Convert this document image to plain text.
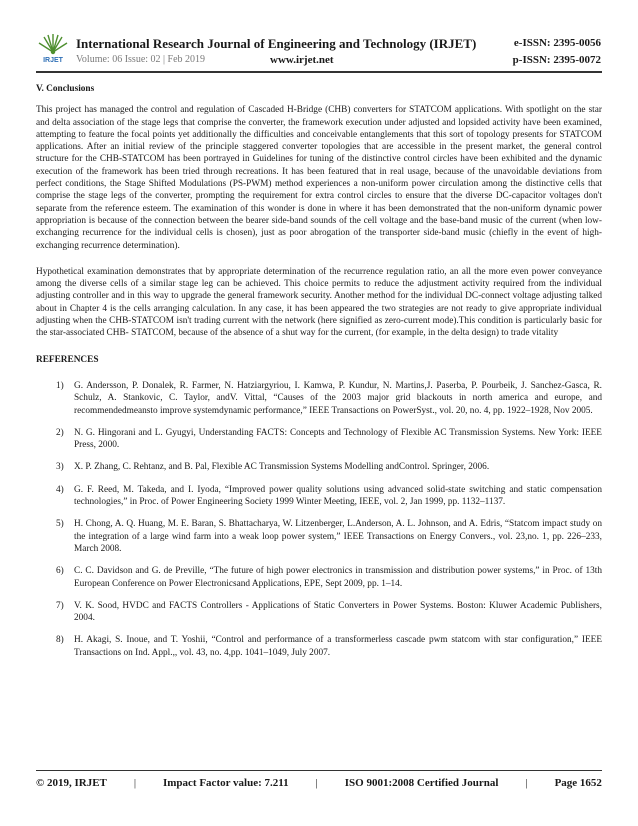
IRJET
International Research Journal of Engineering and Technology (IRJET)	e-ISSN: 2395-0056
Volume: 06 Issue: 02 | Feb 2019	www.irjet.net	p-ISSN: 2395-0072
V. Conclusions

This project has managed the control and regulation of Cascaded H-Bridge (CHB) converters for STATCOM applications. With spotlight on the star and delta association of the stage legs that comprise the converter, the framework execution under adjusted and lopsided activity have been examined, attempting to feature the focal points yet additionally the difficulties and conceivable entanglements that this sort of topology presents for STATCOM applications. After an initial review of the principle staggered converter topologies that are accessible in the present market, the general control structure for the CHB-STATCOM has been portrayed in Guidelines for tuning of the distinctive control circles have been exhibited and the dynamic execution of the framework has been tried through recreations. It has been featured that in real usage, because of the unavoidable deviations from perfect conditions, the Stage Shifted Modulations (PS-PWM) method experiences a non-uniform power circulation among the distinctive cells that comprise the stage legs of the converter, prompting the requirement for extra control circles to ensure that the diverse DC-capacitor voltages don't separate from the reference esteem. The examination of this wonder is done in where it has been demonstrated that the non-uniform dynamic power appropriation is because of the connection between the bearer side-band sounds of the cell voltage and the base-band music of the current (when low-exchanging recurrence for the individual cells is chosen), just as poor abrogation of the transporter side-band music (chiefly in the event of high- exchanging recurrence determination).

Hypothetical examination demonstrates that by appropriate determination of the recurrence regulation ratio, an all the more even power conveyance among the diverse cells of a similar stage leg can be achieved. This choice permits to reduce the adjustment activity required from the individual adjusting controller and in this way to upgrade the general framework security. Another method for the individual DC-connect voltage adjusting talked about in Chapter 4 is the cells arranging calculation. In any case, it has been appeared the two strategies are not ready to give appropriate individual adjusting when the CHB-STATCOM isn't trading current with the network (here signified as zero-current mode).This condition is particularly basic for the star-associated CHB- STATCOM, because of the absence of a shut way for the current, (for example, in the delta design) to trade vitality

REFERENCES
1) G. Andersson, P. Donalek, R. Farmer, N. Hatziargyriou, I. Kamwa, P. Kundur, N. Martins,J. Paserba, P. Pourbeik, J. Sanchez-Gasca, R. Schulz, A. Stankovic, C. Taylor, andV. Vittal, “Causes of the 2003 major grid blackouts in north america and europe, and recommendedmeansto improve systemdynamic performance,” IEEE Transactions on PowerSyst., vol. 20, no. 4, pp. 1922–1928, Nov 2005.
2) N. G. Hingorani and L. Gyugyi, Understanding FACTS: Concepts and Technology of Flexible AC Transmission Systems. New York: IEEE Press, 2000.
3) X. P. Zhang, C. Rehtanz, and B. Pal, Flexible AC Transmission Systems Modelling andControl. Springer, 2006.
4) G. F. Reed, M. Takeda, and I. Iyoda, “Improved power quality solutions using advanced solid-state switching and static compensation technologies,” in Proc. of Power Engineering Society 1999 Winter Meeting, IEEE, vol. 2, Jan 1999, pp. 1132–1137.
5) H. Chong, A. Q. Huang, M. E. Baran, S. Bhattacharya, W. Litzenberger, L.Anderson, A. L. Johnson, and A. Edris, “Statcom impact study on the integration of a large wind farm into a weak loop power system,” IEEE Transactions on Energy Convers., vol. 23,no. 1, pp. 226–233, March 2008.
6) C. C. Davidson and G. de Preville, “The future of high power electronics in transmission and distribution power systems,” in Proc. of 13th European Conference on Power Electronicsand Applications, EPE, Sept 2009, pp. 1–14.
7) V. K. Sood, HVDC and FACTS Controllers - Applications of Static Converters in Power Systems. Boston: Kluwer Academic Publishers, 2004.
8) H. Akagi, S. Inoue, and T. Yoshii, “Control and performance of a transformerless cascade pwm statcom with star configuration,” IEEE Transactions on Ind. Appl.,, vol. 43, no. 4,pp. 1041–1049, July 2007.
© 2019, IRJET | Impact Factor value: 7.211 | ISO 9001:2008 Certified Journal | Page 1652
